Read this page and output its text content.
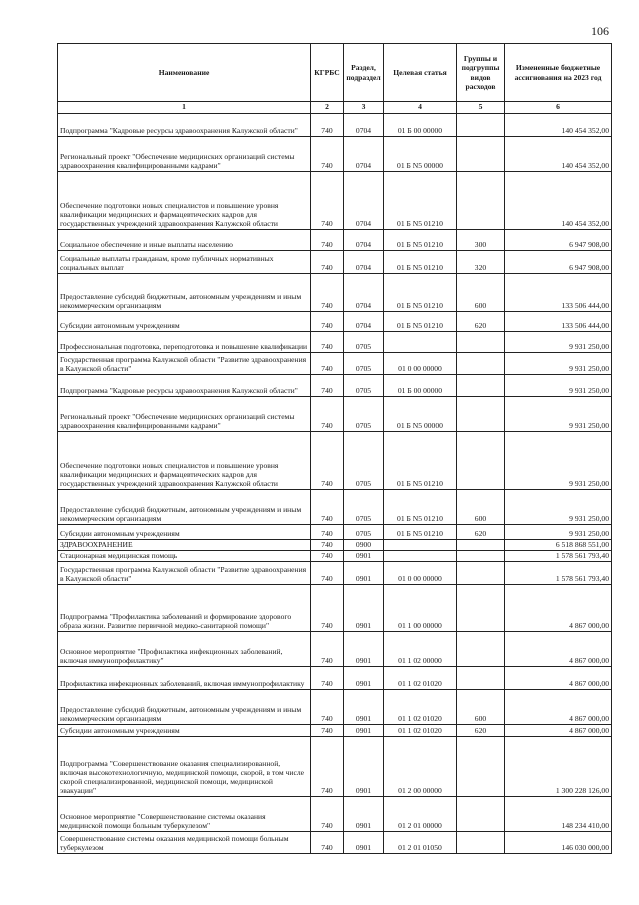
106
Наименование	КГРБС	Раздел, подраздел	Целевая статья	Группы и подгруппы видов расходов	Измененные бюджетные ассигнования на 2023 год
1	2	3	4	5	6
Подпрограмма "Кадровые ресурсы здравоохранения Калужской области"	740	0704	01 Б 00 00000		140 454 352,00
Региональный проект "Обеспечение медицинских организаций системы здравоохранения квалифицированными кадрами"	740	0704	01 Б N5 00000		140 454 352,00
Обеспечение подготовки новых специалистов и повышение уровня квалификации медицинских и фармацевтических кадров для государственных учреждений здравоохранения Калужской области	740	0704	01 Б N5 01210		140 454 352,00
Социальное обеспечение и иные выплаты населению	740	0704	01 Б N5 01210	300	6 947 908,00
Социальные выплаты гражданам, кроме публичных нормативных социальных выплат	740	0704	01 Б N5 01210	320	6 947 908,00
Предоставление субсидий бюджетным, автономным учреждениям и иным некоммерческим организациям	740	0704	01 Б N5 01210	600	133 506 444,00
Субсидии автономным учреждениям	740	0704	01 Б N5 01210	620	133 506 444,00
Профессиональная подготовка, переподготовка и повышение квалификации	740	0705			9 931 250,00
Государственная программа Калужской области "Развитие здравоохранения в Калужской области"	740	0705	01 0 00 00000		9 931 250,00
Подпрограмма "Кадровые ресурсы здравоохранения Калужской области"	740	0705	01 Б 00 00000		9 931 250,00
Региональный проект "Обеспечение медицинских организаций системы здравоохранения квалифицированными кадрами"	740	0705	01 Б N5 00000		9 931 250,00
Обеспечение подготовки новых специалистов и повышение уровня квалификации медицинских и фармацевтических кадров для государственных учреждений здравоохранения Калужской области	740	0705	01 Б N5 01210		9 931 250,00
Предоставление субсидий бюджетным, автономным учреждениям и иным некоммерческим организациям	740	0705	01 Б N5 01210	600	9 931 250,00
Субсидии автономным учреждениям	740	0705	01 Б N5 01210	620	9 931 250,00
ЗДРАВООХРАНЕНИЕ	740	0900			6 518 868 551,00
Стационарная медицинская помощь	740	0901			1 578 561 793,40
Государственная программа Калужской области "Развитие здравоохранения в Калужской области"	740	0901	01 0 00 00000		1 578 561 793,40
Подпрограмма "Профилактика заболеваний и формирование здорового образа жизни. Развитие первичной медико-санитарной помощи"	740	0901	01 1 00 00000		4 867 000,00
Основное мероприятие "Профилактика инфекционных заболеваний, включая иммунопрофилактику"	740	0901	01 1 02 00000		4 867 000,00
Профилактика инфекционных заболеваний, включая иммунопрофилактику	740	0901	01 1 02 01020		4 867 000,00
Предоставление субсидий бюджетным, автономным учреждениям и иным некоммерческим организациям	740	0901	01 1 02 01020	600	4 867 000,00
Субсидии автономным учреждениям	740	0901	01 1 02 01020	620	4 867 000,00
Подпрограмма "Совершенствование оказания специализированной, включая высокотехнологичную, медицинской помощи, скорой, в том числе скорой специализированной, медицинской помощи, медицинской эвакуации"	740	0901	01 2 00 00000		1 300 228 126,00
Основное мероприятие "Совершенствование системы оказания медицинской помощи больным туберкулезом"	740	0901	01 2 01 00000		148 234 410,00
Совершенствование системы оказания медицинской помощи больным туберкулезом	740	0901	01 2 01 01050		146 030 000,00
